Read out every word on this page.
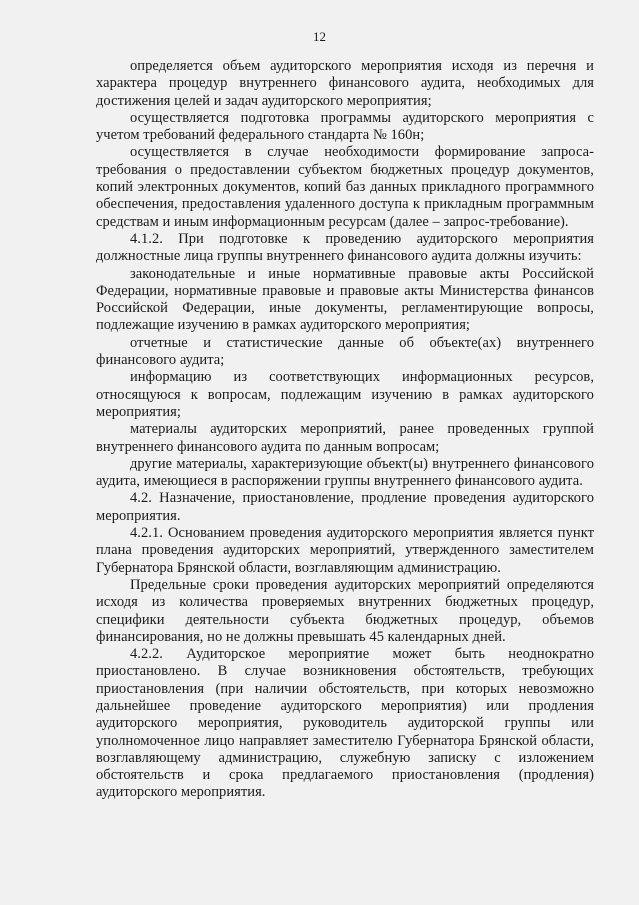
12

определяется объем аудиторского мероприятия исходя из перечня и характера процедур внутреннего финансового аудита, необходимых для достижения целей и задач аудиторского мероприятия;

осуществляется подготовка программы аудиторского мероприятия с учетом требований федерального стандарта № 160н;

осуществляется в случае необходимости формирование запроса-требования о предоставлении субъектом бюджетных процедур документов, копий электронных документов, копий баз данных прикладного программного обеспечения, предоставления удаленного доступа к прикладным программным средствам и иным информационным ресурсам (далее – запрос-требование).

4.1.2. При подготовке к проведению аудиторского мероприятия должностные лица группы внутреннего финансового аудита должны изучить:

законодательные и иные нормативные правовые акты Российской Федерации, нормативные правовые и правовые акты Министерства финансов Российской Федерации, иные документы, регламентирующие вопросы, подлежащие изучению в рамках аудиторского мероприятия;

отчетные и статистические данные об объекте(ах) внутреннего финансового аудита;

информацию из соответствующих информационных ресурсов, относящуюся к вопросам, подлежащим изучению в рамках аудиторского мероприятия;

материалы аудиторских мероприятий, ранее проведенных группой внутреннего финансового аудита по данным вопросам;

другие материалы, характеризующие объект(ы) внутреннего финансового аудита, имеющиеся в распоряжении группы внутреннего финансового аудита.

4.2. Назначение, приостановление, продление проведения аудиторского мероприятия.

4.2.1. Основанием проведения аудиторского мероприятия является пункт плана проведения аудиторских мероприятий, утвержденного заместителем Губернатора Брянской области, возглавляющим администрацию.

Предельные сроки проведения аудиторских мероприятий определяются исходя из количества проверяемых внутренних бюджетных процедур, специфики деятельности субъекта бюджетных процедур, объемов финансирования, но не должны превышать 45 календарных дней.

4.2.2. Аудиторское мероприятие может быть неоднократно приостановлено. В случае возникновения обстоятельств, требующих приостановления (при наличии обстоятельств, при которых невозможно дальнейшее проведение аудиторского мероприятия) или продления аудиторского мероприятия, руководитель аудиторской группы или уполномоченное лицо направляет заместителю Губернатора Брянской области, возглавляющему администрацию, служебную записку с изложением обстоятельств и срока предлагаемого приостановления (продления) аудиторского мероприятия.
